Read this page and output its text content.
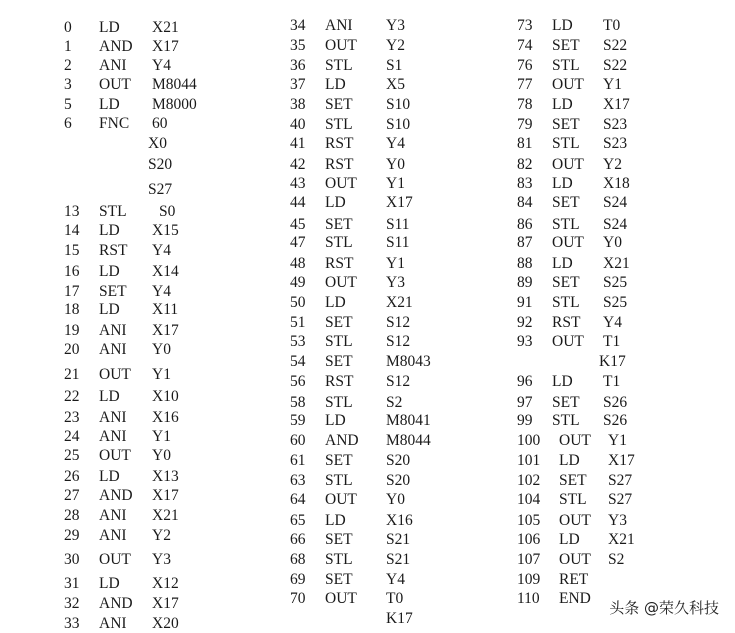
0 LD X21
1 AND X17
2 ANI Y4
3 OUT M8044
5 LD M8000
6 FNC 60
X0
S20
S27
13 STL S0
14 LD X15
15 RST Y4
16 LD X14
17 SET Y4
18 LD X11
19 ANI X17
20 ANI Y0
21 OUT Y1
22 LD X10
23 ANI X16
24 ANI Y1
25 OUT Y0
26 LD X13
27 AND X17
28 ANI X21
29 ANI Y2
30 OUT Y3
31 LD X12
32 AND X17
33 ANI X20
34 ANI Y3
35 OUT Y2
36 STL S1
37 LD	X5
38 SET S10
40 STL S10
41 RST Y4
42 RST Y0
43 OUT Y1
44 LD	X17
45 SET S11
47 STL S11
48 RST Y1
49 OUT Y3
50 LD	X21
51 SET S12
53 STL S12
54 SET M8043
56 RST S12
58 STL S2
59 LD	M8041
60 AND M8044
61 SET S20
63 STL S20
64 OUT Y0
65 LD	X16
66 SET S21
68 STL S21
69 SET Y4
70 OUT T0
K17
73 LD T0
74 SET S22
76 STL S22
77 OUT Y1
78 LD X17
79 SET S23
81 STL S23
82 OUT Y2
83 LD X18
84 SET S24
86 STL S24
87 OUT Y0
88 LD X21
89 SET S25
91 STL S25
92 RST Y4
93 OUT T1
K17
96 LD T1
97 SET S26
99 STL S26
100 OUT Y1
101 LD X17
102 SET S27
104 STL S27
105 OUT Y3
106 LD X21
107 OUT S2
109 RET
110 END
头条 @荣久科技
